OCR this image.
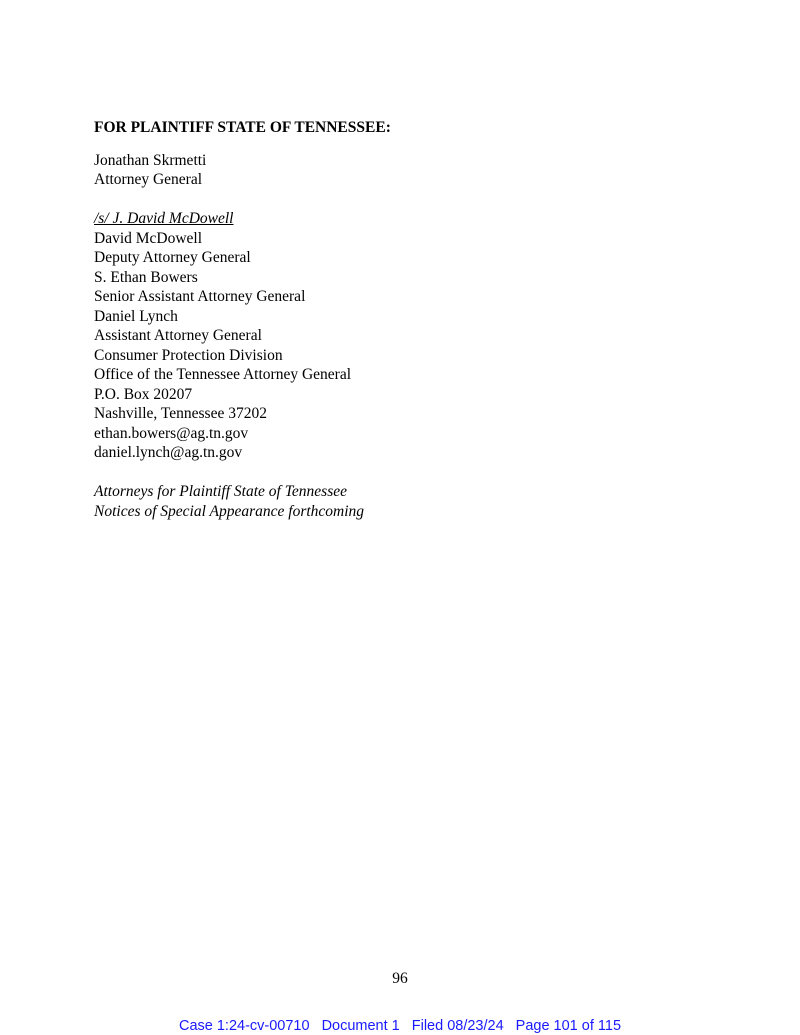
FOR PLAINTIFF STATE OF TENNESSEE:

Jonathan Skrmetti

Attorney General

/s/ J. David McDowell

David McDowell

Deputy Attorney General

S. Ethan Bowers

Senior Assistant Attorney General

Daniel Lynch

Assistant Attorney General

Consumer Protection Division

Office of the Tennessee Attorney General

P.O. Box 20207

Nashville, Tennessee 37202

ethan.bowers@ag.tn.gov

daniel.lynch@ag.tn.gov

Attorneys for Plaintiff State of Tennessee

Notices of Special Appearance forthcoming

96
Case 1:24-cv-00710 Document 1 Filed 08/23/24 Page 101 of 115
